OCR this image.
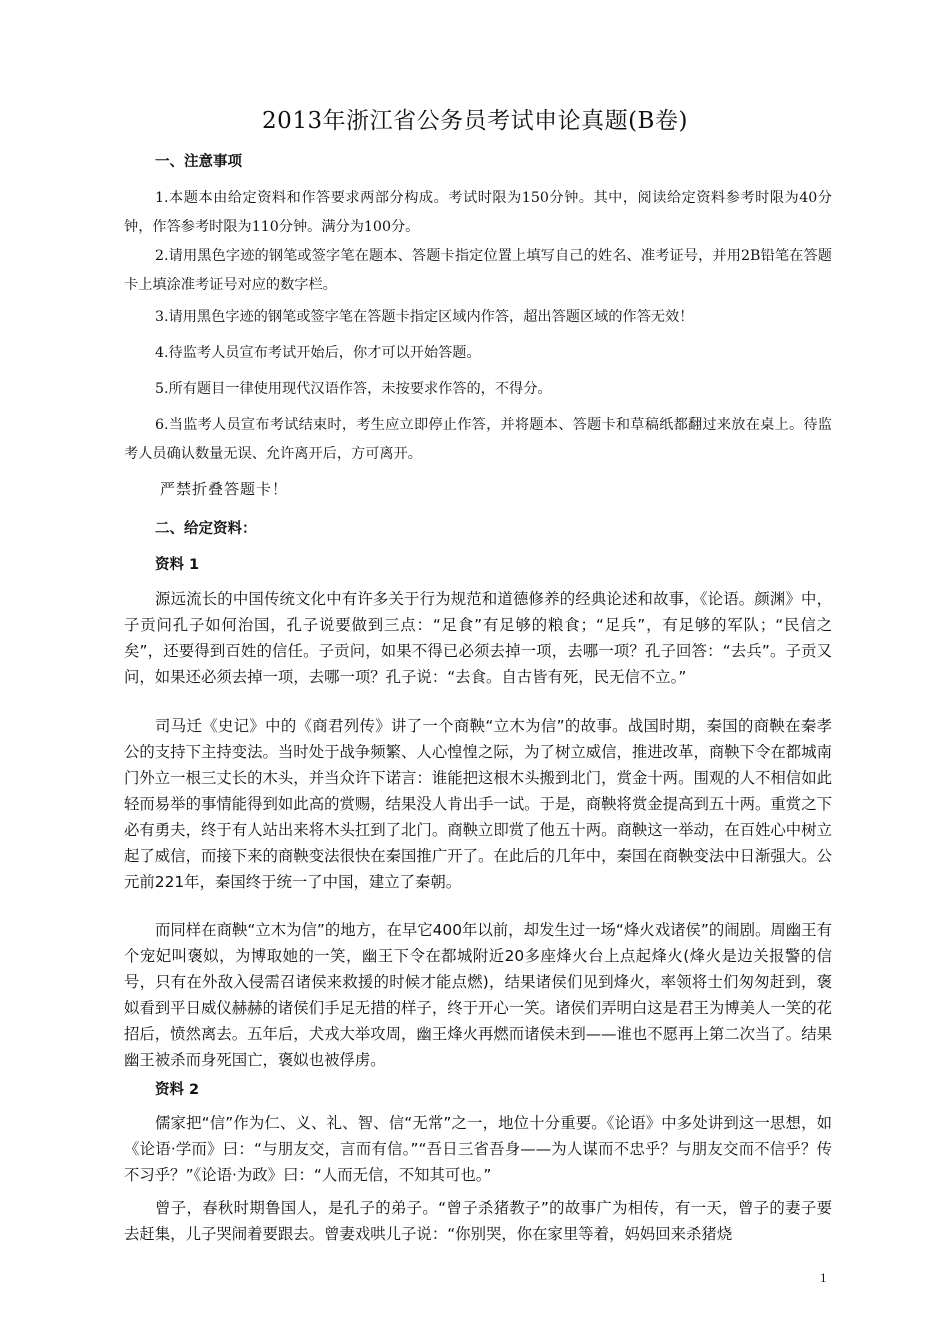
2013年浙江省公务员考试申论真题(B卷)
一、注意事项
1.本题本由给定资料和作答要求两部分构成。考试时限为150分钟。其中，阅读给定资料参考时限为40分钟，作答参考时限为110分钟。满分为100分。
2.请用黑色字迹的钢笔或签字笔在题本、答题卡指定位置上填写自己的姓名、准考证号，并用2B铅笔在答题卡上填涂准考证号对应的数字栏。
3.请用黑色字迹的钢笔或签字笔在答题卡指定区域内作答，超出答题区域的作答无效！
4.待监考人员宣布考试开始后，你才可以开始答题。
5.所有题目一律使用现代汉语作答，未按要求作答的，不得分。
6.当监考人员宣布考试结束时，考生应立即停止作答，并将题本、答题卡和草稿纸都翻过来放在桌上。待监考人员确认数量无误、允许离开后，方可离开。
严禁折叠答题卡！
二、给定资料：
资料 1
源远流长的中国传统文化中有许多关于行为规范和道德修养的经典论述和故事，《论语。颜渊》中，子贡问孔子如何治国，孔子说要做到三点：“足食”有足够的粮食；“足兵”，有足够的军队；“民信之矣”，还要得到百姓的信任。子贡问，如果不得已必须去掉一项，去哪一项？孔子回答：“去兵”。子贡又问，如果还必须去掉一项，去哪一项？孔子说：“去食。自古皆有死，民无信不立。”
司马迁《史记》中的《商君列传》讲了一个商鞅“立木为信”的故事。战国时期，秦国的商鞅在秦孝公的支持下主持变法。当时处于战争频繁、人心惶惶之际，为了树立威信，推进改革，商鞅下令在都城南门外立一根三丈长的木头，并当众许下诺言：谁能把这根木头搬到北门，赏金十两。围观的人不相信如此轻而易举的事情能得到如此高的赏赐，结果没人肯出手一试。于是，商鞅将赏金提高到五十两。重赏之下必有勇夫，终于有人站出来将木头扛到了北门。商鞅立即赏了他五十两。商鞅这一举动，在百姓心中树立起了威信，而接下来的商鞅变法很快在秦国推广开了。在此后的几年中，秦国在商鞅变法中日渐强大。公元前221年，秦国终于统一了中国，建立了秦朝。
而同样在商鞅“立木为信”的地方，在早它400年以前，却发生过一场“烽火戏诸侯”的闹剧。周幽王有个宠妃叫褒姒，为博取她的一笑，幽王下令在都城附近20多座烽火台上点起烽火(烽火是边关报警的信号，只有在外敌入侵需召诸侯来救援的时候才能点燃)，结果诸侯们见到烽火，率领将士们匆匆赶到，褒姒看到平日威仪赫赫的诸侯们手足无措的样子，终于开心一笑。诸侯们弄明白这是君王为博美人一笑的花招后，愤然离去。五年后，犬戎大举攻周，幽王烽火再燃而诸侯未到——谁也不愿再上第二次当了。结果幽王被杀而身死国亡，褒姒也被俘虏。
资料 2
儒家把“信”作为仁、义、礼、智、信“无常”之一，地位十分重要。《论语》中多处讲到这一思想，如《论语·学而》曰：“与朋友交，言而有信。”“吾日三省吾身——为人谋而不忠乎？与朋友交而不信乎？传不习乎？”《论语·为政》曰：“人而无信，不知其可也。”
曾子，春秋时期鲁国人，是孔子的弟子。“曾子杀猪教子”的故事广为相传，有一天，曾子的妻子要去赶集，儿子哭闹着要跟去。曾妻戏哄儿子说：“你别哭，你在家里等着，妈妈回来杀猪烧
1
